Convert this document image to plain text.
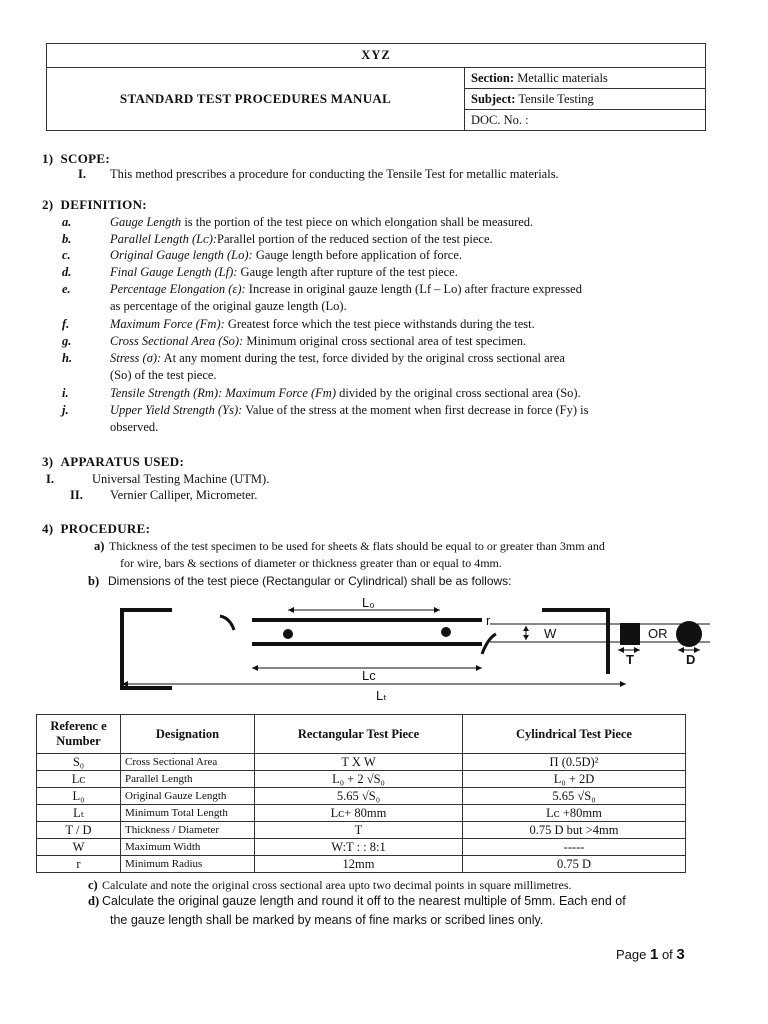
XYZ
STANDARD TEST PROCEDURES MANUAL	Section: Metallic materials
Subject: Tensile Testing
DOC. No. :
1)  SCOPE:
I. This method prescribes a procedure for conducting the Tensile Test for metallic materials.
2)  DEFINITION:
a.	Gauge Length is the portion of the test piece on which elongation shall be measured.
b.	Parallel Length (Lᴄ):Parallel portion of the reduced section of the test piece.
c.	Original Gauge length (Lo): Gauge length before application of force.
d.	Final Gauge Length (Lf): Gauge length after rupture of the test piece.
e.	Percentage Elongation (ε): Increase in original gauze length (Lf – Lo) after fracture expressed
as percentage of the original gauze length (Lo).
f.	Maximum Force (Fm): Greatest force which the test piece withstands during the test.
g.	Cross Sectional Area (So): Minimum original cross sectional area of test specimen.
h.	Stress (σ): At any moment during the test, force divided by the original cross sectional area
(So) of the test piece.
i.	Tensile Strength (Rm): Maximum Force (Fm) divided by the original cross sectional area (So).
j.	Upper Yield Strength (Ys): Value of the stress at the moment when first decrease in force (Fy) is
observed.
3)  APPARATUS USED:
I.	Universal Testing Machine (UTM).
II. Vernier Calliper, Micrometer.
4)  PROCEDURE:
a) Thickness of the test specimen to be used for sheets & flats should be equal to or greater than 3mm and
for wire, bars & sections of diameter or thickness greater than or equal to 4mm.
b) Dimensions of the test piece (Rectangular or Cylindrical) shall be as follows:
L₀
Lᴄ
Lₜ
r
W	OR
T	D
Referenc e Number	Designation	Rectangular Test Piece	Cylindrical Test Piece
S₀	Cross Sectional Area	T X W	Π (0.5D)²
Lᴄ	Parallel Length	L₀ + 2 √S₀	L₀ + 2D
L₀	Original Gauze Length	5.65 √S₀	5.65 √S₀
Lₜ	Minimum Total Length	Lᴄ+ 80mm	Lᴄ +80mm
T / D	Thickness / Diameter	T	0.75 D but >4mm
W	Maximum Width	W:T : : 8:1	-----
r	Minimum Radius	12mm	0.75 D
c) Calculate and note the original cross sectional area upto two decimal points in square millimetres.
d) Calculate the original gauze length and round it off to the nearest multiple of 5mm. Each end of
the gauze length shall be marked by means of fine marks or scribed lines only.
Page 1 of 3
